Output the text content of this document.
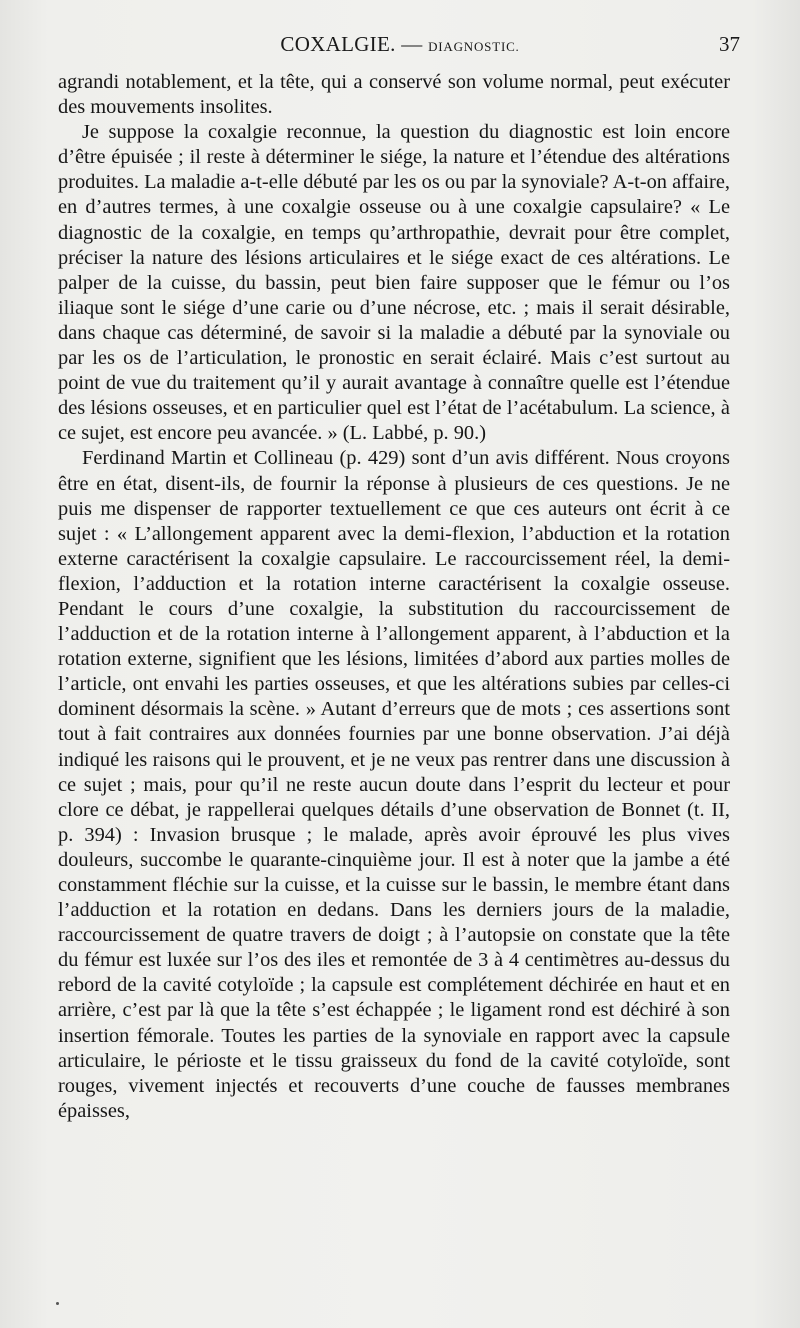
COXALGIE. — DIAGNOSTIC.	37

agrandi notablement, et la tête, qui a conservé son volume normal, peut exécuter des mouvements insolites.

Je suppose la coxalgie reconnue, la question du diagnostic est loin encore d’être épuisée ; il reste à déterminer le siége, la nature et l’étendue des altérations produites. La maladie a-t-elle débuté par les os ou par la synoviale? A-t-on affaire, en d’autres termes, à une coxalgie osseuse ou à une coxalgie capsulaire? « Le diagnostic de la coxalgie, en temps qu’arthropathie, devrait pour être complet, préciser la nature des lésions articulaires et le siége exact de ces altérations. Le palper de la cuisse, du bassin, peut bien faire supposer que le fémur ou l’os iliaque sont le siége d’une carie ou d’une nécrose, etc. ; mais il serait désirable, dans chaque cas déterminé, de savoir si la maladie a débuté par la synoviale ou par les os de l’articulation, le pronostic en serait éclairé. Mais c’est surtout au point de vue du traitement qu’il y aurait avantage à connaître quelle est l’étendue des lésions osseuses, et en particulier quel est l’état de l’acétabulum. La science, à ce sujet, est encore peu avancée. » (L. Labbé, p. 90.)

Ferdinand Martin et Collineau (p. 429) sont d’un avis différent. Nous croyons être en état, disent-ils, de fournir la réponse à plusieurs de ces questions. Je ne puis me dispenser de rapporter textuellement ce que ces auteurs ont écrit à ce sujet : « L’allongement apparent avec la demi-flexion, l’abduction et la rotation externe caractérisent la coxalgie capsulaire. Le raccourcissement réel, la demi-flexion, l’adduction et la rotation interne caractérisent la coxalgie osseuse. Pendant le cours d’une coxalgie, la substitution du raccourcissement de l’adduction et de la rotation interne à l’allongement apparent, à l’abduction et la rotation externe, signifient que les lésions, limitées d’abord aux parties molles de l’article, ont envahi les parties osseuses, et que les altérations subies par celles-ci dominent désormais la scène. » Autant d’erreurs que de mots ; ces assertions sont tout à fait contraires aux données fournies par une bonne observation. J’ai déjà indiqué les raisons qui le prouvent, et je ne veux pas rentrer dans une discussion à ce sujet ; mais, pour qu’il ne reste aucun doute dans l’esprit du lecteur et pour clore ce débat, je rappellerai quelques détails d’une observation de Bonnet (t. II, p. 394) : Invasion brusque ; le malade, après avoir éprouvé les plus vives douleurs, succombe le quarante-cinquième jour. Il est à noter que la jambe a été constamment fléchie sur la cuisse, et la cuisse sur le bassin, le membre étant dans l’adduction et la rotation en dedans. Dans les derniers jours de la maladie, raccourcissement de quatre travers de doigt ; à l’autopsie on constate que la tête du fémur est luxée sur l’os des iles et remontée de 3 à 4 centimètres au-dessus du rebord de la cavité cotyloïde ; la capsule est complétement déchirée en haut et en arrière, c’est par là que la tête s’est échappée ; le ligament rond est déchiré à son insertion fémorale. Toutes les parties de la synoviale en rapport avec la capsule articulaire, le périoste et le tissu graisseux du fond de la cavité cotyloïde, sont rouges, vivement injectés et recouverts d’une couche de fausses membranes épaisses,
